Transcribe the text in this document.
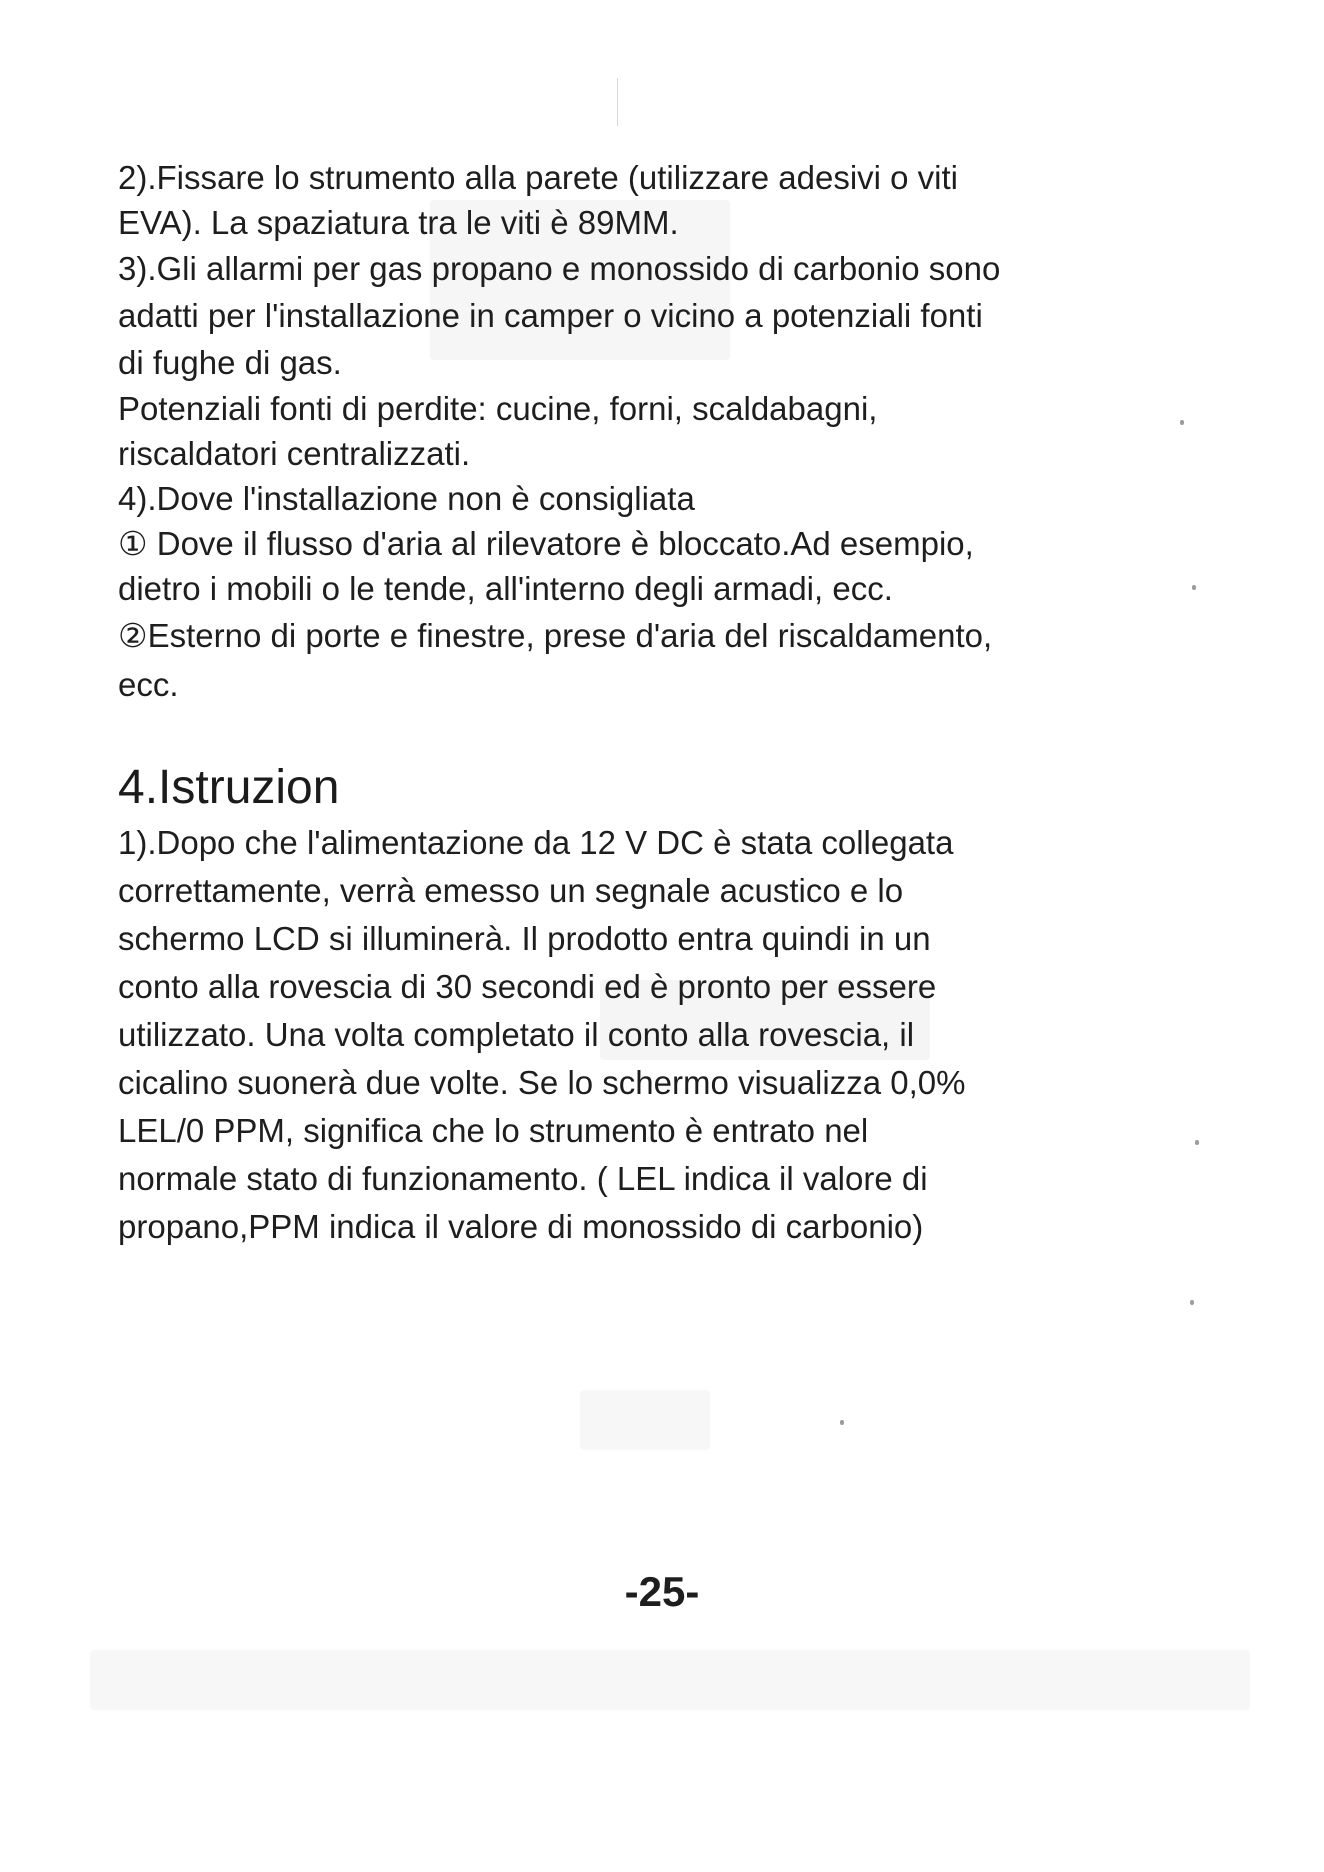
2).Fissare lo strumento alla parete (utilizzare adesivi o viti
EVA). La spaziatura tra le viti è 89MM.

3).Gli allarmi per gas propano e monossido di carbonio sono
adatti per l'installazione in camper o vicino a potenziali fonti
di fughe di gas.

Potenziali fonti di perdite: cucine, forni, scaldabagni,
riscaldatori centralizzati.

4).Dove l'installazione non è consigliata

① Dove il flusso d'aria al rilevatore è bloccato.Ad esempio,
dietro i mobili o le tende, all'interno degli armadi, ecc.

②Esterno di porte e finestre, prese d'aria del riscaldamento,
ecc.

4.Istruzion

1).Dopo che l'alimentazione da 12 V DC è stata collegata
correttamente, verrà emesso un segnale acustico e lo
schermo LCD si illuminerà. Il prodotto entra quindi in un
conto alla rovescia di 30 secondi ed è pronto per essere
utilizzato. Una volta completato il conto alla rovescia, il
cicalino suonerà due volte. Se lo schermo visualizza 0,0%
LEL/0 PPM, significa che lo strumento è entrato nel
normale stato di funzionamento. ( LEL indica il valore di
propano,PPM indica il valore di monossido di carbonio)

-25-
